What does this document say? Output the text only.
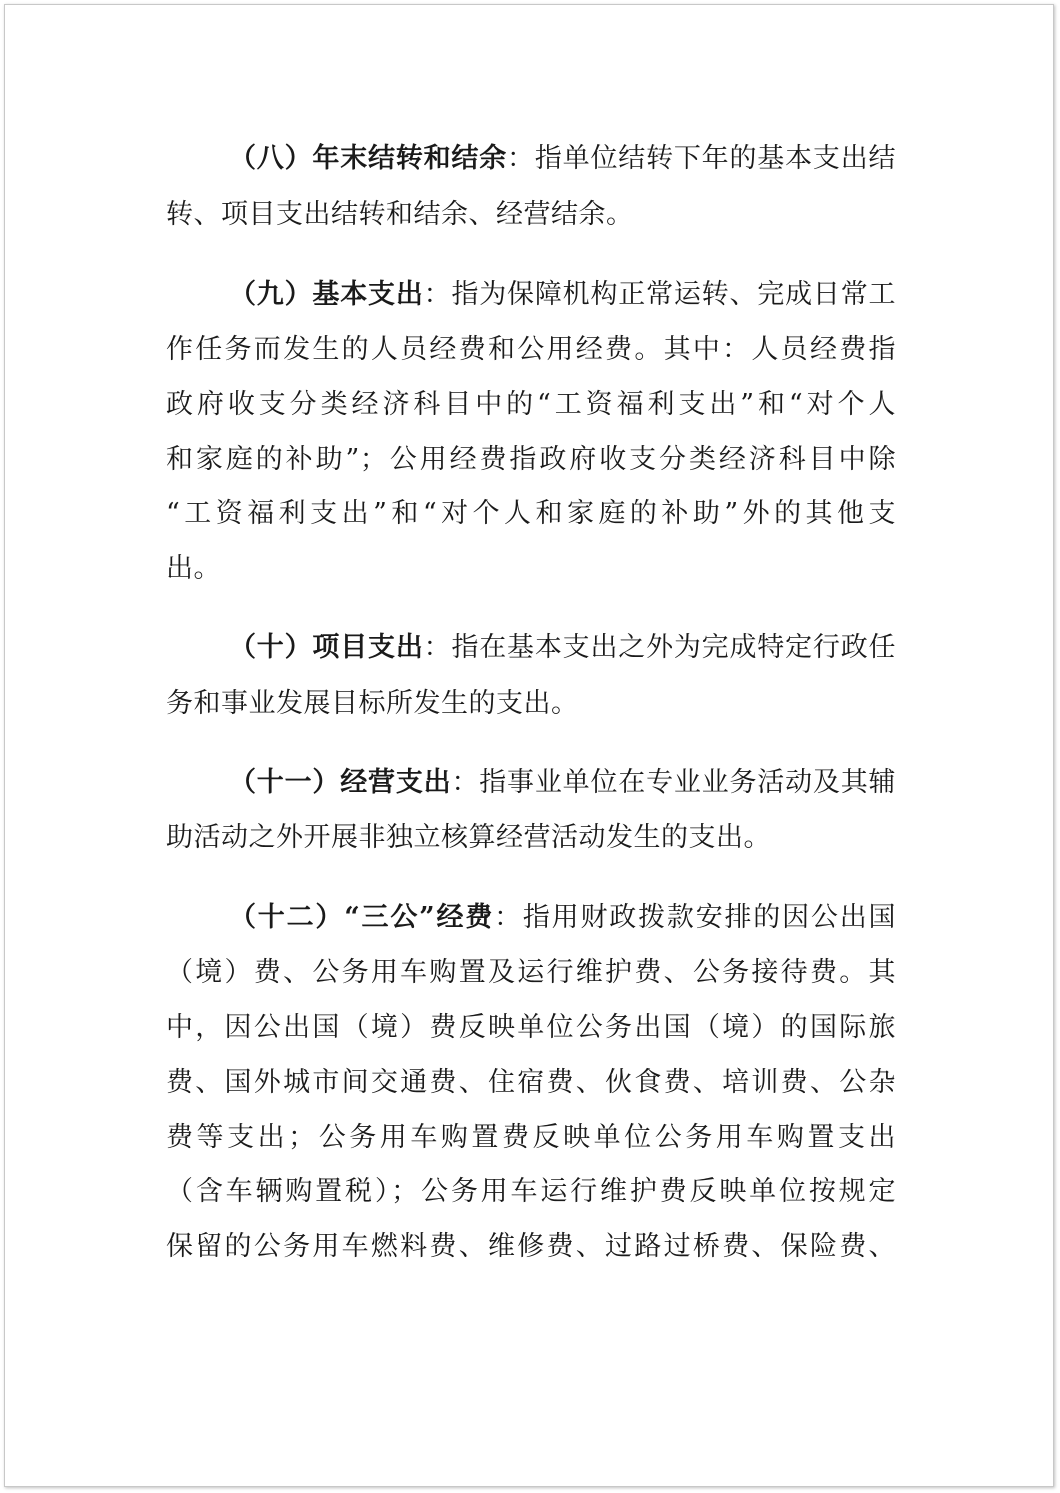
（八）年末结转和结余：指单位结转下年的基本支出结
转、项目支出结转和结余、经营结余。
（九）基本支出：指为保障机构正常运转、完成日常工
作任务而发生的人员经费和公用经费。其中：人员经费指
政府收支分类经济科目中的“工资福利支出”和“对个人
和家庭的补助”；公用经费指政府收支分类经济科目中除
“工资福利支出”和“对个人和家庭的补助”外的其他支
出。
（十）项目支出：指在基本支出之外为完成特定行政任
务和事业发展目标所发生的支出。
（十一）经营支出：指事业单位在专业业务活动及其辅
助活动之外开展非独立核算经营活动发生的支出。
（十二）“三公”经费：指用财政拨款安排的因公出国
（境）费、公务用车购置及运行维护费、公务接待费。其
中，因公出国（境）费反映单位公务出国（境）的国际旅
费、国外城市间交通费、住宿费、伙食费、培训费、公杂
费等支出；公务用车购置费反映单位公务用车购置支出
（含车辆购置税）；公务用车运行维护费反映单位按规定
保留的公务用车燃料费、维修费、过路过桥费、保险费、
